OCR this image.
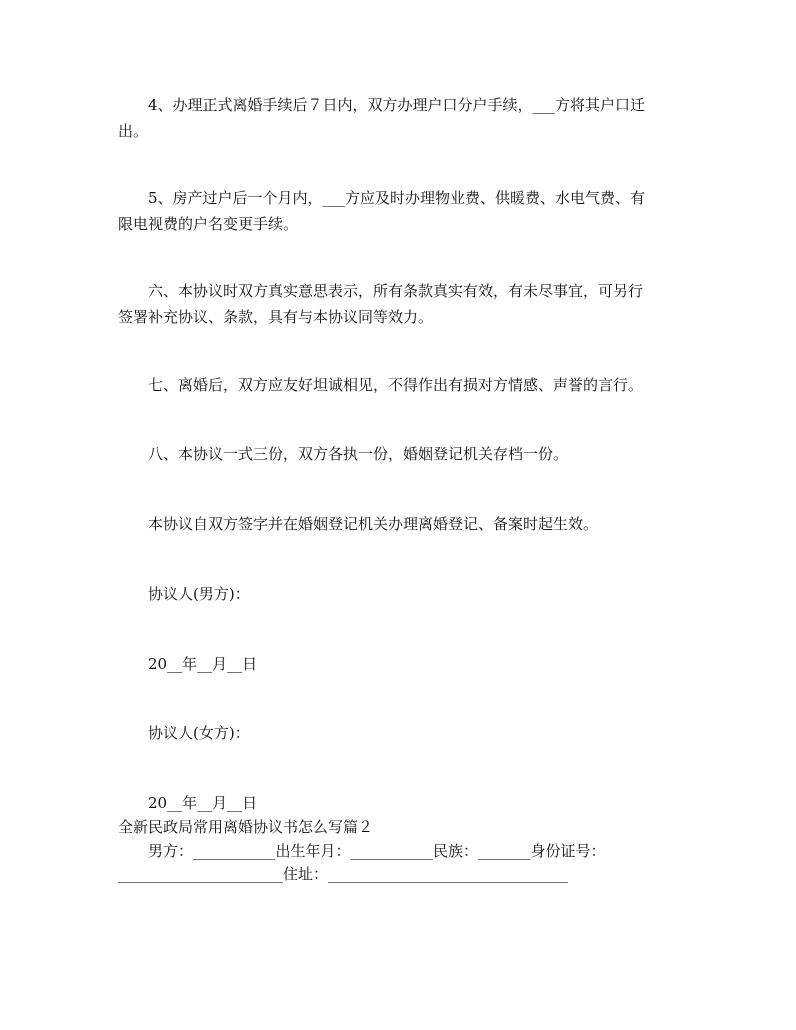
4、办理正式离婚手续后７日内，双方办理户口分户手续，___方将其户口迁
出。
5、房产过户后一个月内，___方应及时办理物业费、供暖费、水电气费、有
限电视费的户名变更手续。
六、本协议时双方真实意思表示，所有条款真实有效，有未尽事宜，可另行
签署补充协议、条款，具有与本协议同等效力。
七、离婚后，双方应友好坦诚相见，不得作出有损对方情感、声誉的言行。
八、本协议一式三份，双方各执一份，婚姻登记机关存档一份。
本协议自双方签字并在婚姻登记机关办理离婚登记、备案时起生效。
协议人(男方)：
20__年__月__日
协议人(女方)：
20__年__月__日
全新民政局常用离婚协议书怎么写篇２
男方：___________出生年月：___________民族：_______身份证号：
______________________住址：________________________________
